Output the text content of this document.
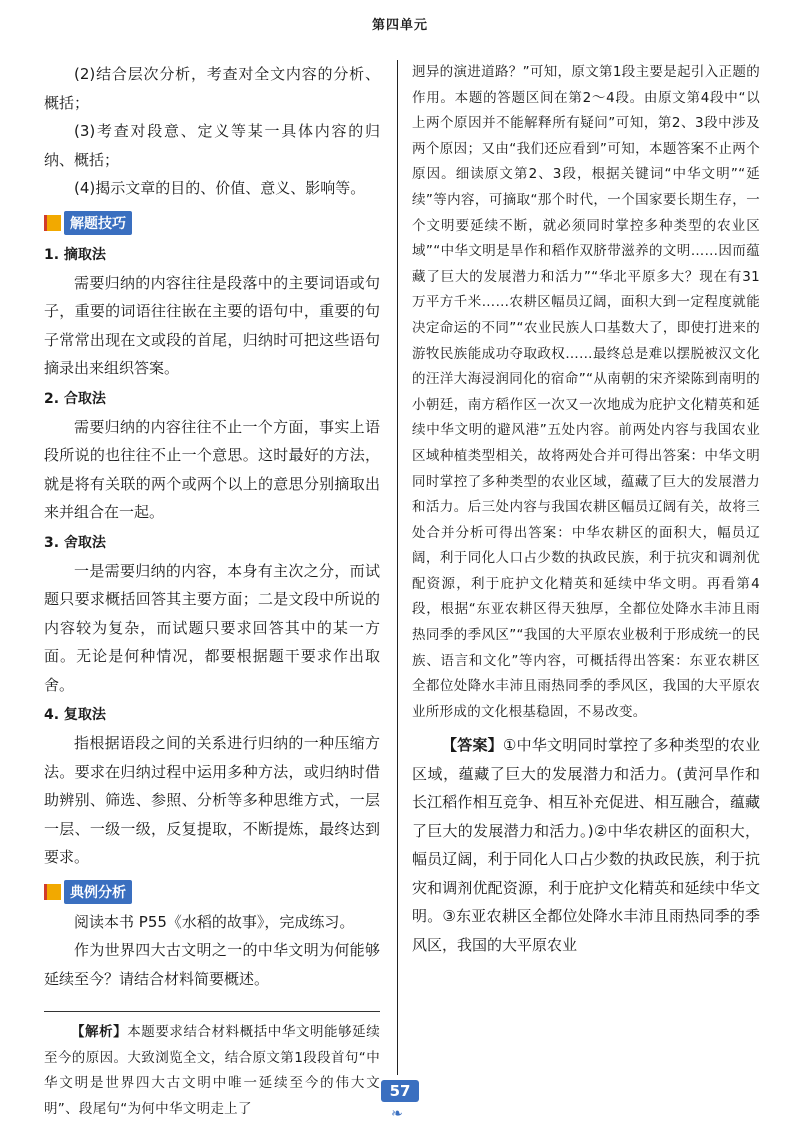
第四单元

(2)结合层次分析，考查对全文内容的分析、概括；

(3)考查对段意、定义等某一具体内容的归纳、概括；

(4)揭示文章的目的、价值、意义、影响等。

解题技巧
1. 摘取法

需要归纳的内容往往是段落中的主要词语或句子，重要的词语往往嵌在主要的语句中，重要的句子常常出现在文或段的首尾，归纳时可把这些语句摘录出来组织答案。

2. 合取法

需要归纳的内容往往不止一个方面，事实上语段所说的也往往不止一个意思。这时最好的方法，就是将有关联的两个或两个以上的意思分别摘取出来并组合在一起。

3. 舍取法

一是需要归纳的内容，本身有主次之分，而试题只要求概括回答其主要方面；二是文段中所说的内容较为复杂，而试题只要求回答其中的某一方面。无论是何种情况，都要根据题干要求作出取舍。

4. 复取法

指根据语段之间的关系进行归纳的一种压缩方法。要求在归纳过程中运用多种方法，或归纳时借助辨别、筛选、参照、分析等多种思维方式，一层一层、一级一级，反复提取，不断提炼，最终达到要求。

典例分析

阅读本书 P55《水稻的故事》，完成练习。

作为世界四大古文明之一的中华文明为何能够延续至今？请结合材料简要概述。

【解析】本题要求结合材料概括中华文明能够延续至今的原因。大致浏览全文，结合原文第1段段首句“中华文明是世界四大古文明中唯一延续至今的伟大文明”、段尾句“为何中华文明走上了

迥异的演进道路？”可知，原文第1段主要是起引入正题的作用。本题的答题区间在第2～4段。由原文第4段中“以上两个原因并不能解释所有疑问”可知，第2、3段中涉及两个原因；又由“我们还应看到”可知，本题答案不止两个原因。细读原文第2、3段，根据关键词“中华文明”“延续”等内容，可摘取“那个时代，一个国家要长期生存，一个文明要延续不断，就必须同时掌控多种类型的农业区域”“中华文明是旱作和稻作双脐带滋养的文明……因而蕴藏了巨大的发展潜力和活力”“华北平原多大？现在有31万平方千米……农耕区幅员辽阔，面积大到一定程度就能决定命运的不同”“农业民族人口基数大了，即使打进来的游牧民族能成功夺取政权……最终总是难以摆脱被汉文化的汪洋大海浸润同化的宿命”“从南朝的宋齐梁陈到南明的小朝廷，南方稻作区一次又一次地成为庇护文化精英和延续中华文明的避风港”五处内容。前两处内容与我国农业区域种植类型相关，故将两处合并可得出答案：中华文明同时掌控了多种类型的农业区域，蕴藏了巨大的发展潜力和活力。后三处内容与我国农耕区幅员辽阔有关，故将三处合并分析可得出答案：中华农耕区的面积大，幅员辽阔，利于同化人口占少数的执政民族，利于抗灾和调剂优配资源，利于庇护文化精英和延续中华文明。再看第4段，根据“东亚农耕区得天独厚，全都位处降水丰沛且雨热同季的季风区”“我国的大平原农业极利于形成统一的民族、语言和文化”等内容，可概括得出答案：东亚农耕区全都位处降水丰沛且雨热同季的季风区，我国的大平原农业所形成的文化根基稳固，不易改变。

【答案】①中华文明同时掌控了多种类型的农业区域，蕴藏了巨大的发展潜力和活力。(黄河旱作和长江稻作相互竞争、相互补充促进、相互融合，蕴藏了巨大的发展潜力和活力。)②中华农耕区的面积大，幅员辽阔，利于同化人口占少数的执政民族，利于抗灾和调剂优配资源，利于庇护文化精英和延续中华文明。③东亚农耕区全都位处降水丰沛且雨热同季的季风区，我国的大平原农业

57
❧
